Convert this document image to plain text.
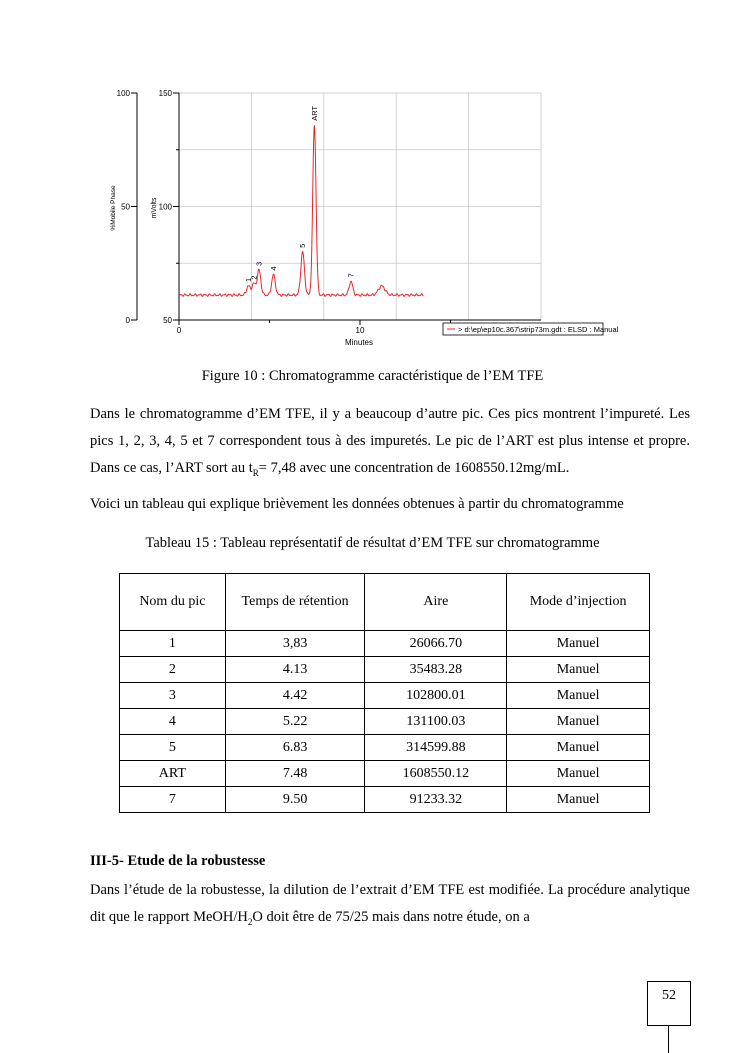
50
100
150
0
50
100
0	10
1
2
3
4
5
ART
7
Minutes
%Mobile Phase	mVolts
> d:\ep\ep10c.367\strip73m.gdt : ELSD : Manual
Figure 10 : Chromatogramme caractéristique de l’EM TFE

Dans le chromatogramme d’EM TFE, il y a beaucoup d’autre pic. Ces pics montrent l’impureté. Les pics 1, 2, 3, 4, 5 et 7 correspondent tous à des impuretés. Le pic de l’ART est plus intense et propre. Dans ce cas, l’ART sort au $t_R= 7,48$ avec une concentration de 1608550.12mg/mL.

Voici un tableau qui explique brièvement les données obtenues à partir du chromatogramme

Tableau 15 : Tableau représentatif de résultat d’EM TFE sur chromatogramme
Nom du pic	Temps de rétention	Aire	Mode d’injection
1	3,83	26066.70	Manuel
2	4.13	35483.28	Manuel
3	4.42	102800.01	Manuel
4	5.22	131100.03	Manuel
5	6.83	314599.88	Manuel
ART	7.48	1608550.12	Manuel
7	9.50	91233.32	Manuel

III-5- Etude de la robustesse

Dans l’étude de la robustesse, la dilution de l’extrait d’EM TFE est modifiée. La procédure analytique dit que le rapport MeOH/$H_2O$ doit être de 75/25 mais dans notre étude, on a

52
